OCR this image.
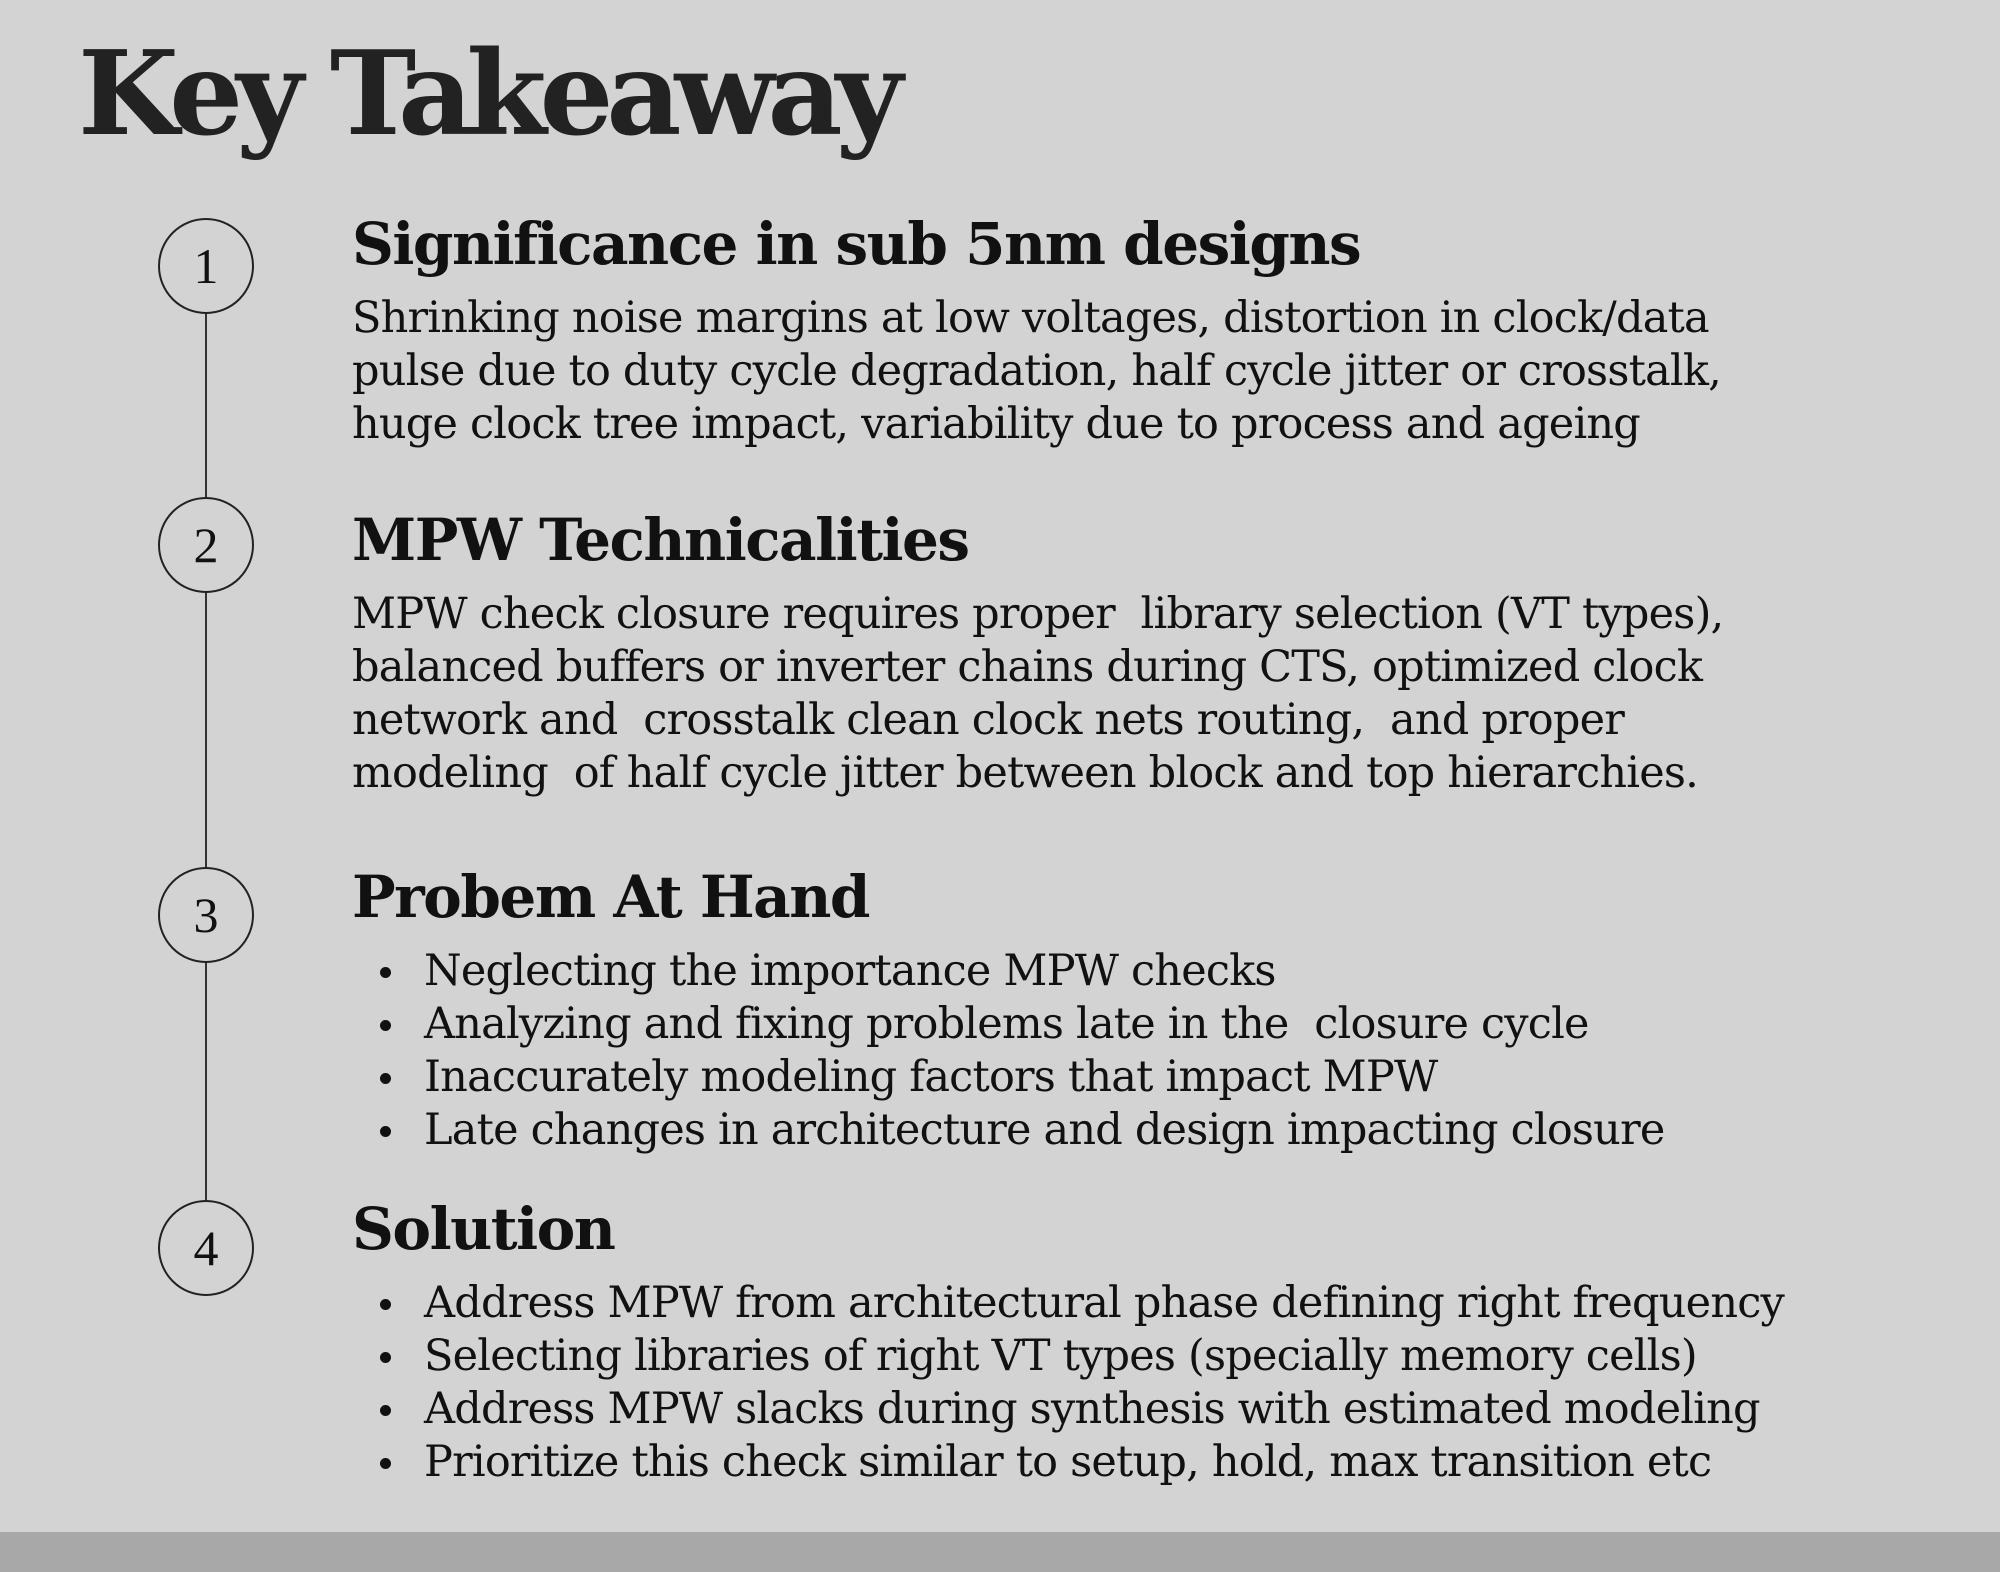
Key Takeaway
1
2
3
4
Significance in sub 5nm designs
Shrinking noise margins at low voltages, distortion in clock/data
pulse due to duty cycle degradation, half cycle jitter or crosstalk,
huge clock tree impact, variability due to process and ageing
MPW Technicalities
MPW check closure requires proper  library selection (VT types),
balanced buffers or inverter chains during CTS, optimized clock
network and  crosstalk clean clock nets routing,  and proper
modeling  of half cycle jitter between block and top hierarchies.
Probem At Hand
Neglecting the importance MPW checks
Analyzing and fixing problems late in the  closure cycle
Inaccurately modeling factors that impact MPW
Late changes in architecture and design impacting closure
Solution
Address MPW from architectural phase defining right frequency
Selecting libraries of right VT types (specially memory cells)
Address MPW slacks during synthesis with estimated modeling
Prioritize this check similar to setup, hold, max transition etc
